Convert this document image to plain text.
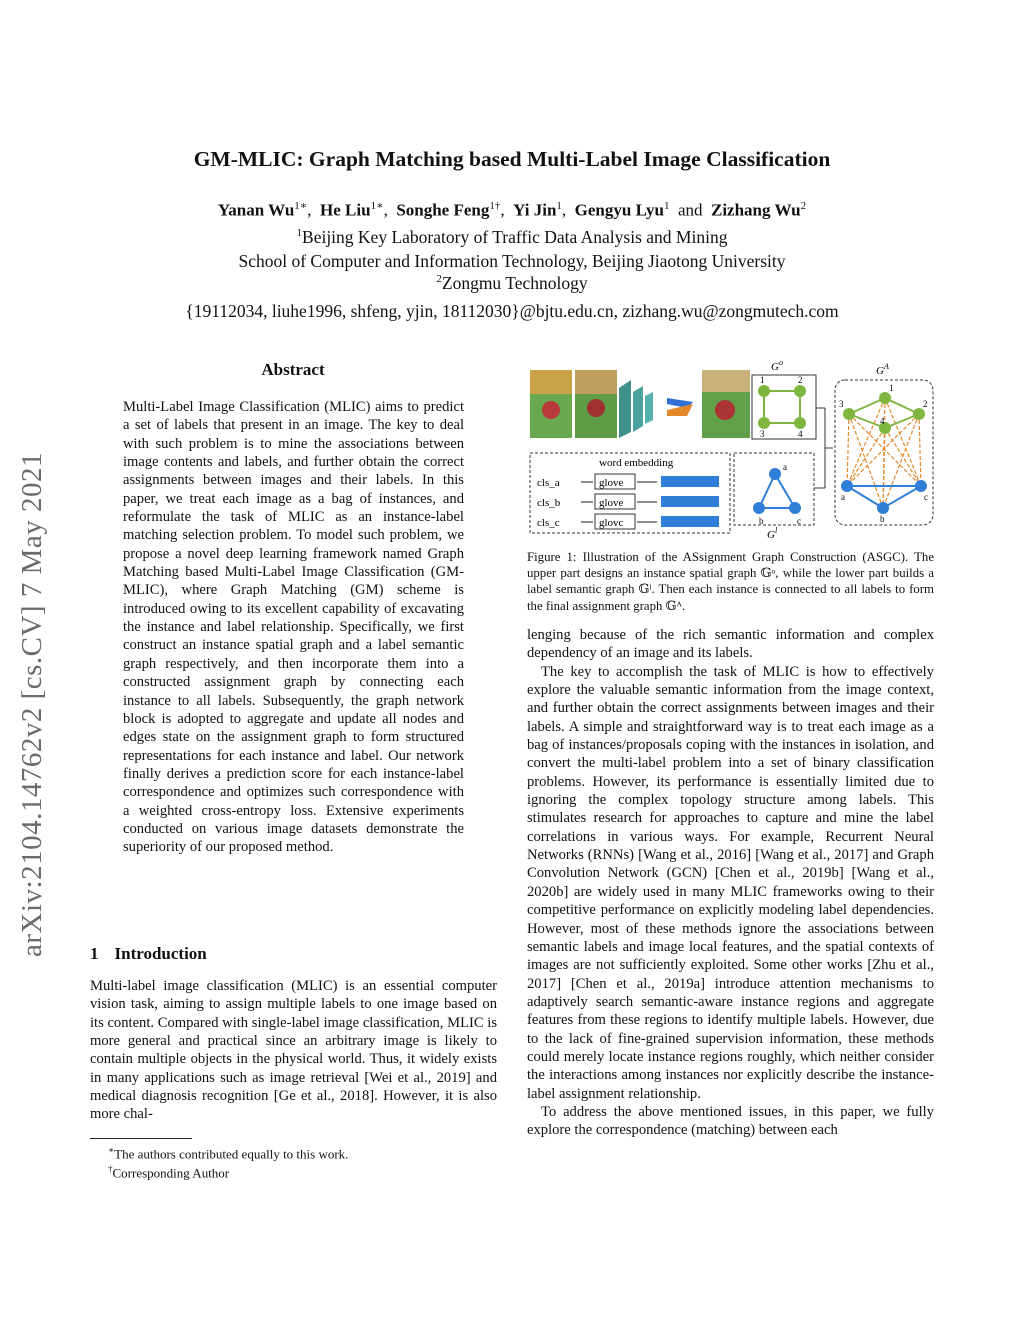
arXiv:2104.14762v2 [cs.CV] 7 May 2021
GM-MLIC: Graph Matching based Multi-Label Image Classification
Yanan $Wu^{1∗}$,  He Liu$^{1∗}$,  Songhe Feng$^{1\dagger}$,  Yi Jin$^1$,  Gengyu Lyu$^1$ and Zizhang Wu$^2$
$^1$Beijing Key Laboratory of Traffic Data Analysis and Mining
School of Computer and Information Technology, Beijing Jiaotong University
$^2$Zongmu Technology
{19112034, liuhe1996, shfeng, yjin, 18112030}@bjtu.edu.cn, zizhang.wu@zongmutech.com
Abstract

Multi-Label Image Classification (MLIC) aims to predict a set of labels that present in an image. The key to deal with such problem is to mine the associations between image contents and labels, and further obtain the correct assignments between images and their labels. In this paper, we treat each image as a bag of instances, and reformulate the task of MLIC as an instance-label matching selection problem. To model such problem, we propose a novel deep learning framework named Graph Matching based Multi-Label Image Classification (GM-MLIC), where Graph Matching (GM) scheme is introduced owing to its excellent capability of excavating the instance and label relationship. Specifically, we first construct an instance spatial graph and a label semantic graph respectively, and then incorporate them into a constructed assignment graph by connecting each instance to all labels. Subsequently, the graph network block is adopted to aggregate and update all nodes and edges state on the assignment graph to form structured representations for each instance and label. Our network finally derives a prediction score for each instance-label correspondence and optimizes such correspondence with a weighted cross-entropy loss. Extensive experiments conducted on various image datasets demonstrate the superiority of our proposed method.

1 Introduction

Multi-label image classification (MLIC) is an essential computer vision task, aiming to assign multiple labels to one image based on its content. Compared with single-label image classification, MLIC is more general and practical since an arbitrary image is likely to contain multiple objects in the physical world. Thus, it widely exists in many applications such as image retrieval [Wei et al., 2019] and medical diagnosis recognition [Ge et al., 2018]. However, it is also more chal-

∗The authors contributed equally to this work.
†Corresponding Author
$G^o$
1	2
3	4
word embedding
cls_a
cls_b
cls_c
glove
glove
glovc
a
b	c
$G^l$
$G^A$
1
3	2
4
a
b
c
Figure 1: Illustration of the ASsignment Graph Construction (ASGC). The upper part designs an instance spatial graph 𝔾ᵒ, while the lower part builds a label semantic graph 𝔾ˡ. Then each instance is connected to all labels to form the final assignment graph 𝔾ᴬ.

lenging because of the rich semantic information and complex dependency of an image and its labels.

The key to accomplish the task of MLIC is how to effectively explore the valuable semantic information from the image context, and further obtain the correct assignments between images and their labels. A simple and straightforward way is to treat each image as a bag of instances/proposals coping with the instances in isolation, and convert the multi-label problem into a set of binary classification problems. However, its performance is essentially limited due to ignoring the complex topology structure among labels. This stimulates research for approaches to capture and mine the label correlations in various ways. For example, Recurrent Neural Networks (RNNs) [Wang et al., 2016] [Wang et al., 2017] and Graph Convolution Network (GCN) [Chen et al., 2019b] [Wang et al., 2020b] are widely used in many MLIC frameworks owing to their competitive performance on explicitly modeling label dependencies. However, most of these methods ignore the associations between semantic labels and image local features, and the spatial contexts of images are not sufficiently exploited. Some other works [Zhu et al., 2017] [Chen et al., 2019a] introduce attention mechanisms to adaptively search semantic-aware instance regions and aggregate features from these regions to identify multiple labels. However, due to the lack of fine-grained supervision information, these methods could merely locate instance regions roughly, which neither consider the interactions among instances nor explicitly describe the instance-label assignment relationship.

To address the above mentioned issues, in this paper, we fully explore the correspondence (matching) between each
